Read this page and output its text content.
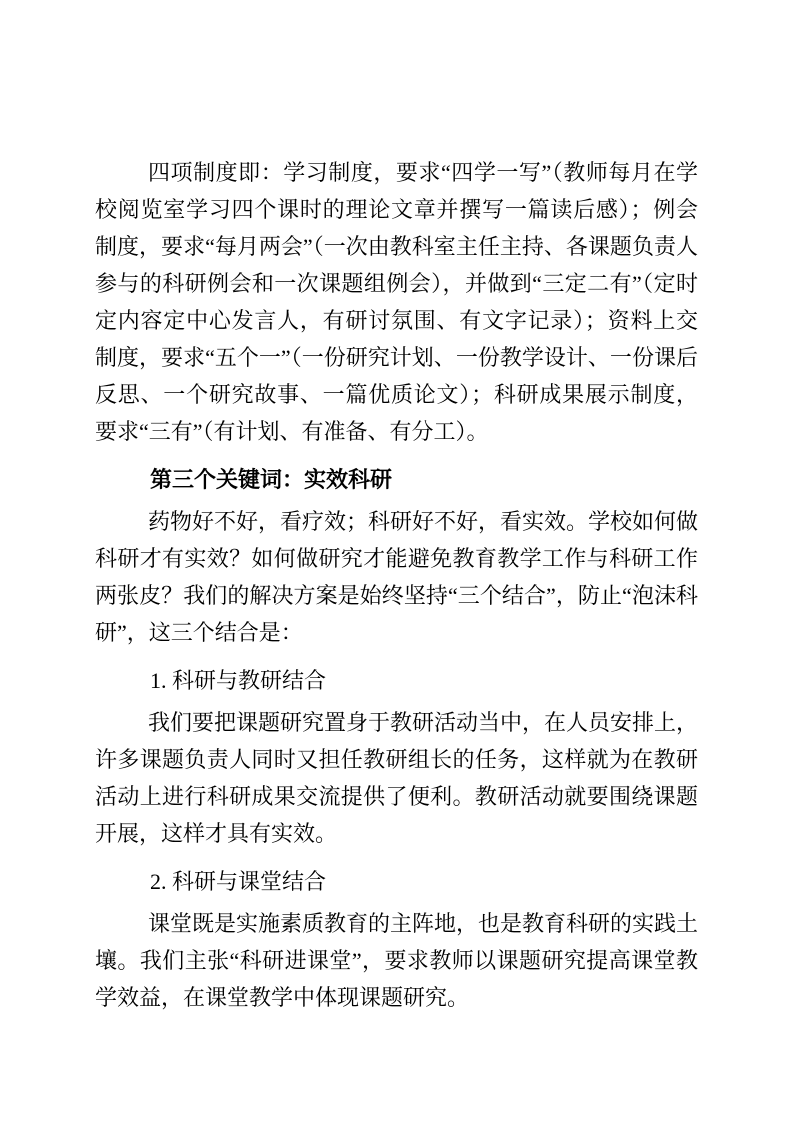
四项制度即：学习制度，要求“四学一写”（教师每月在学校阅览室学习四个课时的理论文章并撰写一篇读后感）；例会制度，要求“每月两会”（一次由教科室主任主持、各课题负责人参与的科研例会和一次课题组例会），并做到“三定二有”（定时定内容定中心发言人，有研讨氛围、有文字记录）；资料上交制度，要求“五个一”（一份研究计划、一份教学设计、一份课后反思、一个研究故事、一篇优质论文）；科研成果展示制度，要求“三有”（有计划、有准备、有分工）。

第三个关键词：实效科研

药物好不好，看疗效；科研好不好，看实效。学校如何做科研才有实效？如何做研究才能避免教育教学工作与科研工作两张皮？我们的解决方案是始终坚持“三个结合”，防止“泡沫科研”，这三个结合是：

1. 科研与教研结合

我们要把课题研究置身于教研活动当中，在人员安排上，许多课题负责人同时又担任教研组长的任务，这样就为在教研活动上进行科研成果交流提供了便利。教研活动就要围绕课题开展，这样才具有实效。

2. 科研与课堂结合

课堂既是实施素质教育的主阵地，也是教育科研的实践土壤。我们主张“科研进课堂”，要求教师以课题研究提高课堂教学效益，在课堂教学中体现课题研究。
